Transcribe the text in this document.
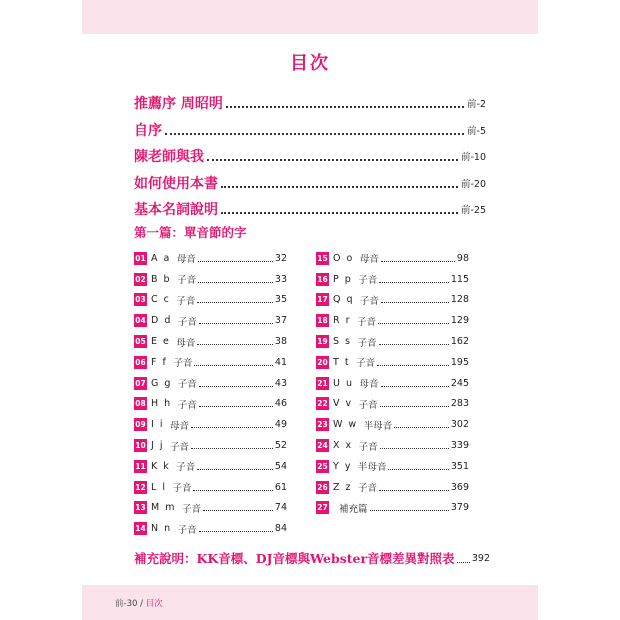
目次
推薦序 周昭明	前-2
自序	前-5
陳老師與我	前-10
如何使用本書	前-20
基本名詞說明	前-25
第一篇：單音節的字
01 A a 母音	32
02 B b 子音	33
03 C c 子音	35
04 D d 子音	37
05 E e 母音	38
06 F f 子音	41
07 G g 子音	43
08 H h 子音	46
09 I i 母音	49
10 J j 子音	52
11 K k 子音	54
12 L l 子音	61
13 M m 子音	74
14 N n 子音	84
15 O o 母音	98
16 P p 子音	115
17 Q q 子音	128
18 R r 子音	129
19 S s 子音	162
20 T t 子音	195
21 U u 母音	245
22 V v 子音	283
23 W w 半母音	302
24 X x 子音	339
25 Y y 半母音	351
26 Z z 子音	369
27 補充篇	379
補充說明：KK音標、DJ音標與Webster音標差異對照表 392
前-30 / 目次
